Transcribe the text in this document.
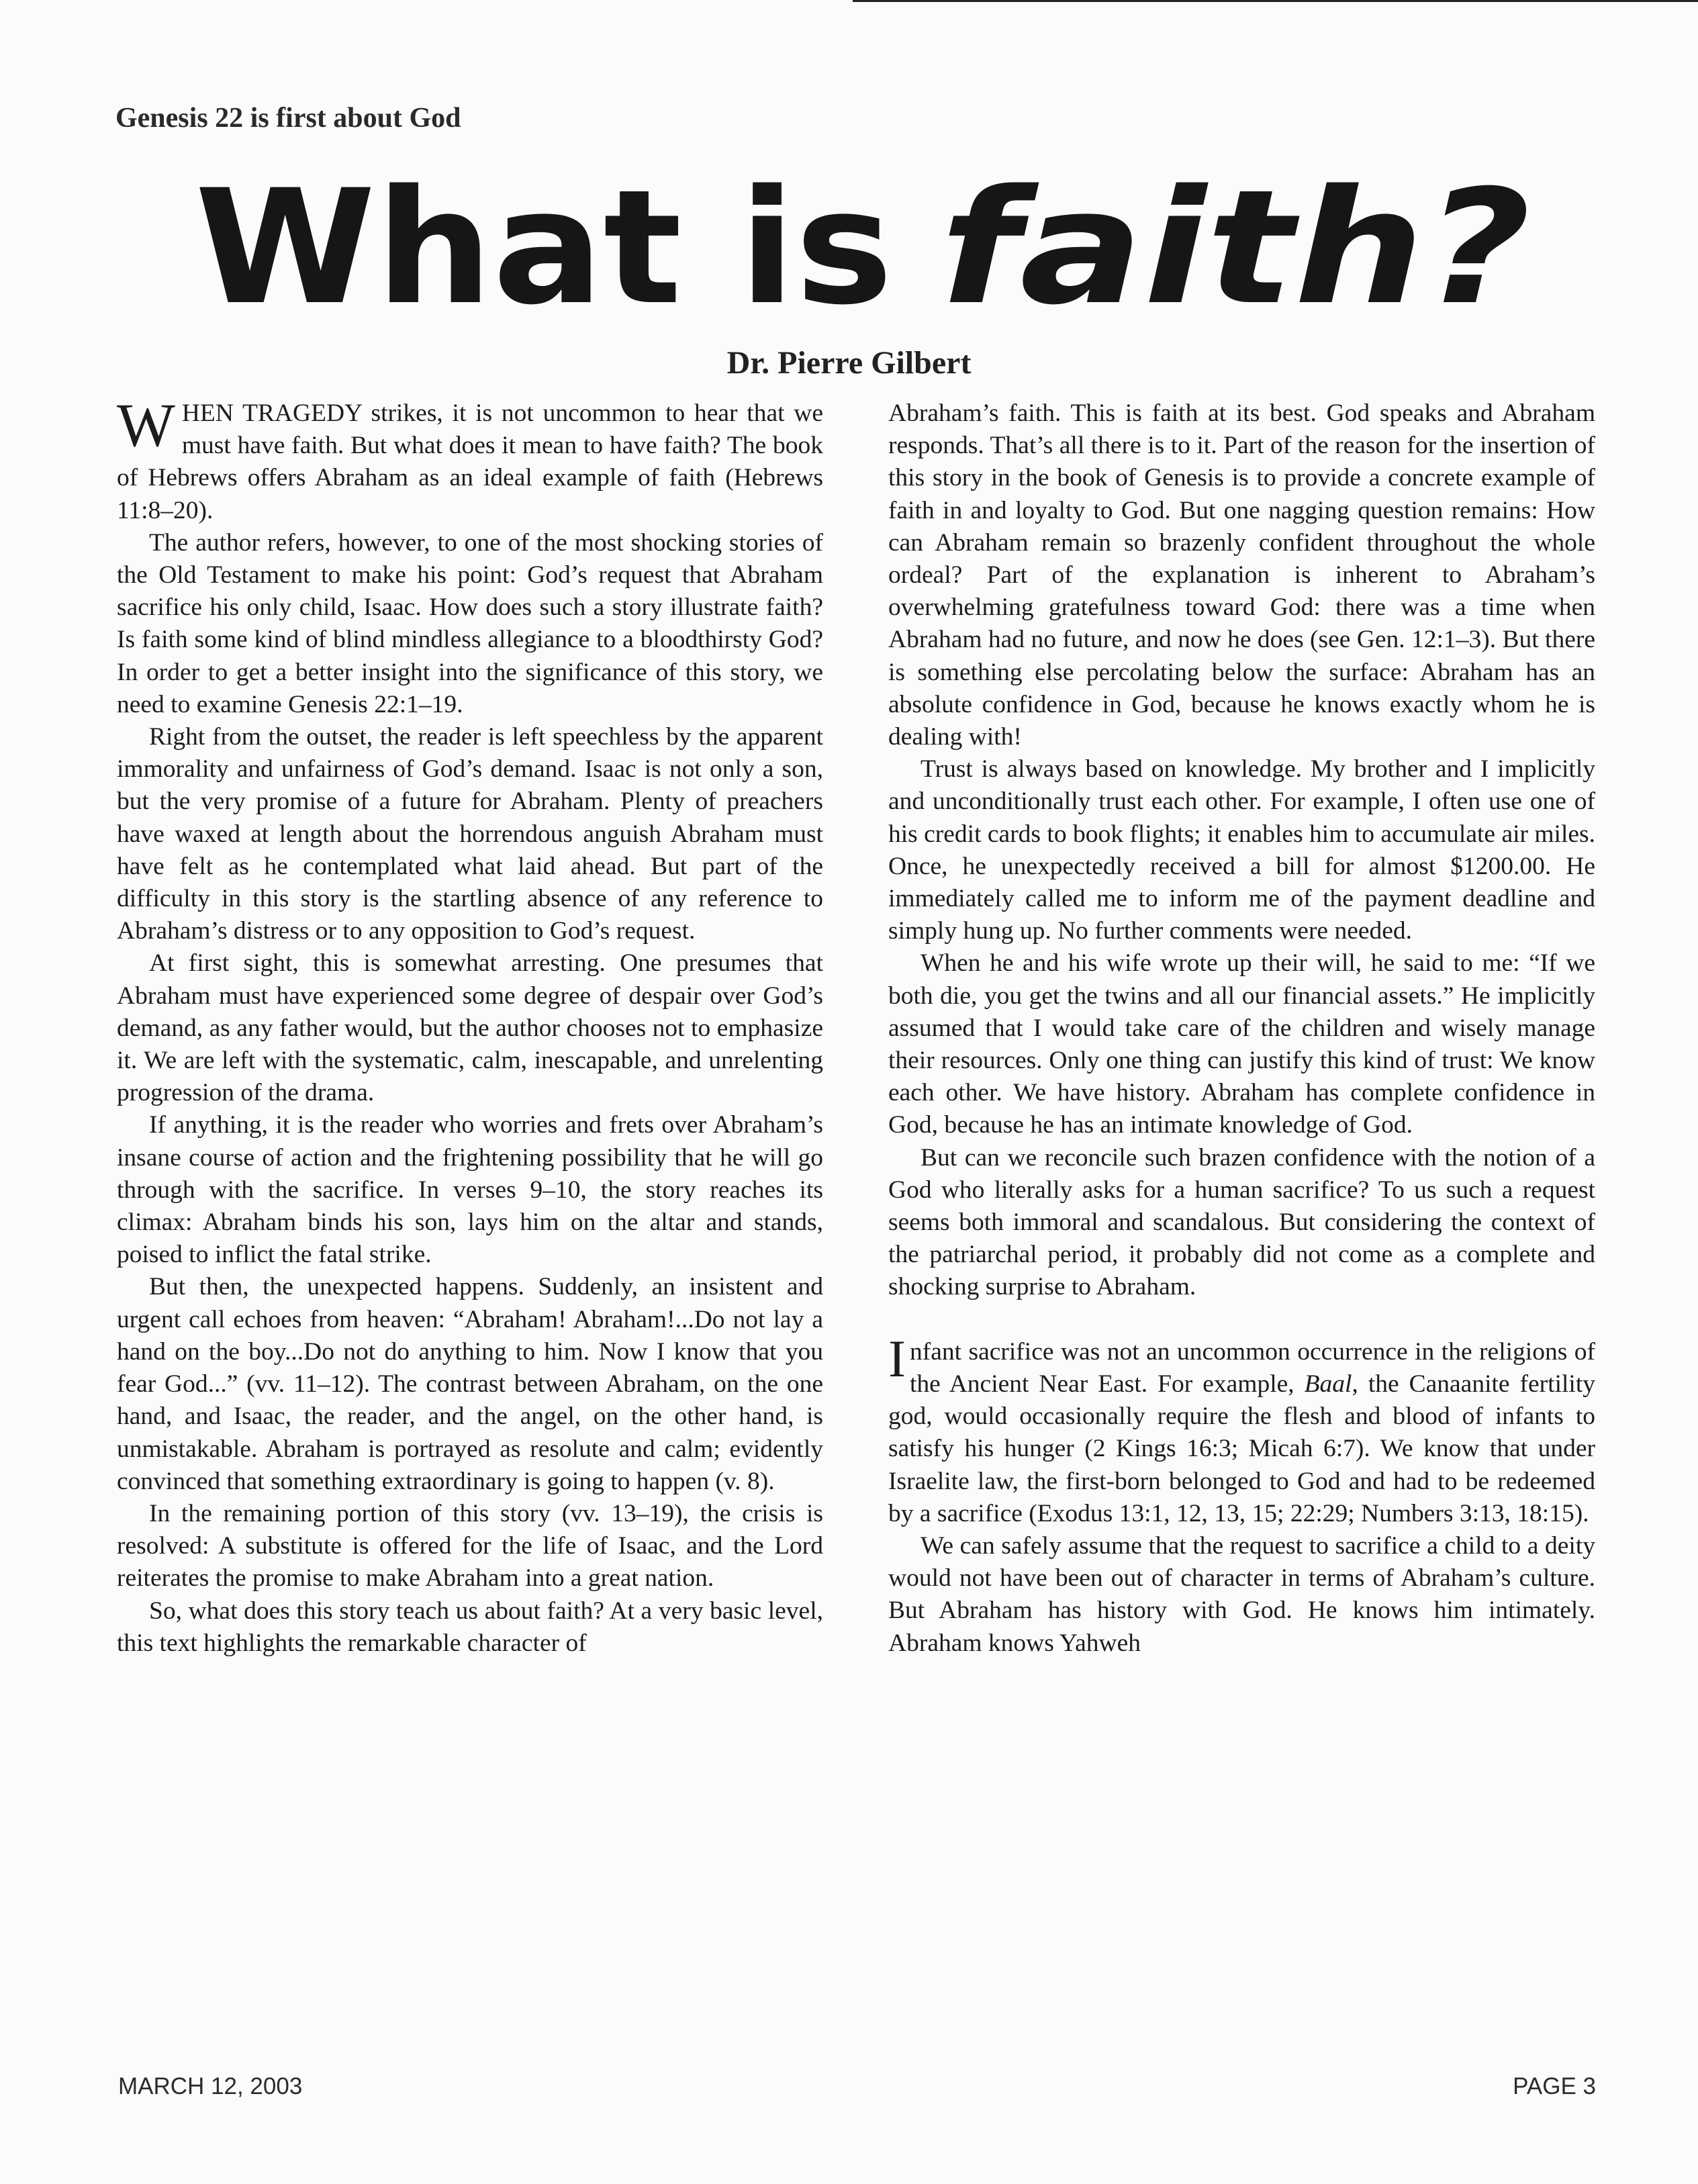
Genesis 22 is first about God
What is faith?
Dr. Pierre Gilbert

WHEN TRAGEDY strikes, it is not uncommon to hear that we must have faith. But what does it mean to have faith? The book of Hebrews offers Abraham as an ideal example of faith (Hebrews 11:8–20).

The author refers, however, to one of the most shocking stories of the Old Testament to make his point: God’s request that Abraham sacrifice his only child, Isaac. How does such a story illustrate faith? Is faith some kind of blind mindless allegiance to a bloodthirsty God? In order to get a better insight into the significance of this story, we need to examine Genesis 22:1–19.

Right from the outset, the reader is left speechless by the apparent immorality and unfairness of God’s demand. Isaac is not only a son, but the very promise of a future for Abraham. Plenty of preachers have waxed at length about the horrendous anguish Abraham must have felt as he contemplated what laid ahead. But part of the difficulty in this story is the startling absence of any reference to Abraham’s distress or to any opposition to God’s request.

At first sight, this is somewhat arresting. One presumes that Abraham must have experienced some degree of despair over God’s demand, as any father would, but the author chooses not to emphasize it. We are left with the systematic, calm, inescapable, and unrelenting progression of the drama.

If anything, it is the reader who worries and frets over Abraham’s insane course of action and the frightening possibility that he will go through with the sacrifice. In verses 9–10, the story reaches its climax: Abraham binds his son, lays him on the altar and stands, poised to inflict the fatal strike.

But then, the unexpected happens. Suddenly, an insistent and urgent call echoes from heaven: “Abraham! Abraham!...Do not lay a hand on the boy...Do not do anything to him. Now I know that you fear God...” (vv. 11–12). The contrast between Abraham, on the one hand, and Isaac, the reader, and the angel, on the other hand, is unmistakable. Abraham is portrayed as resolute and calm; evidently convinced that something extraordinary is going to happen (v. 8).

In the remaining portion of this story (vv. 13–19), the crisis is resolved: A substitute is offered for the life of Isaac, and the Lord reiterates the promise to make Abraham into a great nation.

So, what does this story teach us about faith? At a very basic level, this text highlights the remarkable character of

Abraham’s faith. This is faith at its best. God speaks and Abraham responds. That’s all there is to it. Part of the reason for the insertion of this story in the book of Genesis is to provide a concrete example of faith in and loyalty to God. But one nagging question remains: How can Abraham remain so brazenly confident throughout the whole ordeal? Part of the explanation is inherent to Abraham’s overwhelming gratefulness toward God: there was a time when Abraham had no future, and now he does (see Gen. 12:1–3). But there is something else percolating below the surface: Abraham has an absolute confidence in God, because he knows exactly whom he is dealing with!

Trust is always based on knowledge. My brother and I implicitly and unconditionally trust each other. For example, I often use one of his credit cards to book flights; it enables him to accumulate air miles. Once, he unexpectedly received a bill for almost $1200.00. He immediately called me to inform me of the payment deadline and simply hung up. No further comments were needed.

When he and his wife wrote up their will, he said to me: “If we both die, you get the twins and all our financial assets.” He implicitly assumed that I would take care of the children and wisely manage their resources. Only one thing can justify this kind of trust: We know each other. We have history. Abraham has complete confidence in God, because he has an intimate knowledge of God.

But can we reconcile such brazen confidence with the notion of a God who literally asks for a human sacrifice? To us such a request seems both immoral and scandalous. But considering the context of the patriarchal period, it probably did not come as a complete and shocking surprise to Abraham.

Infant sacrifice was not an uncommon occurrence in the religions of the Ancient Near East. For example, Baal, the Canaanite fertility god, would occasionally require the flesh and blood of infants to satisfy his hunger (2 Kings 16:3; Micah 6:7). We know that under Israelite law, the first-born belonged to God and had to be redeemed by a sacrifice (Exodus 13:1, 12, 13, 15; 22:29; Numbers 3:13, 18:15).

We can safely assume that the request to sacrifice a child to a deity would not have been out of character in terms of Abraham’s culture. But Abraham has history with God. He knows him intimately. Abraham knows Yahweh

MARCH 12, 2003	PAGE 3
